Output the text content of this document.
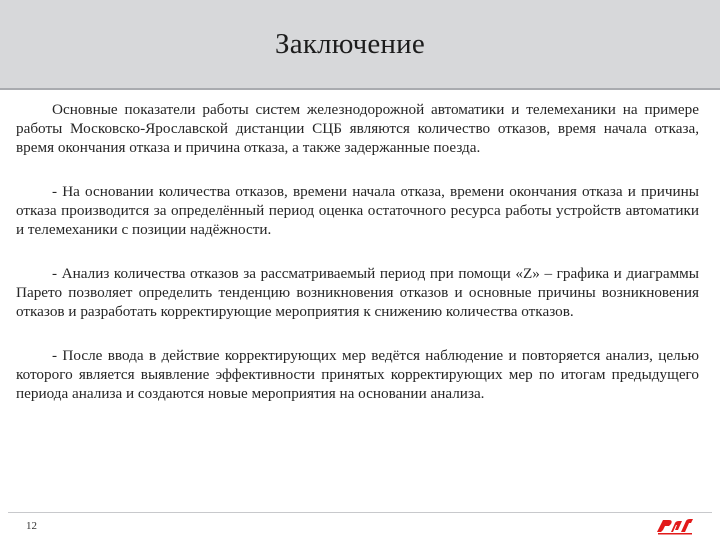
Заключение

Основные показатели работы систем железнодорожной автоматики и телемеханики на примере работы Московско-Ярославской дистанции СЦБ являются количество отказов, время начала отказа, время окончания отказа и причина отказа, а также задержанные поезда.

- На основании количества отказов, времени начала отказа, времени окончания отказа и причины отказа производится за определённый период оценка остаточного ресурса работы устройств автоматики и телемеханики с позиции надёжности.

- Анализ количества отказов за рассматриваемый период при помощи «Z» – графика и диаграммы Парето позволяет определить тенденцию возникновения отказов и основные причины возникновения отказов и разработать корректирующие мероприятия к снижению количества отказов.

- После ввода в действие корректирующих мер ведётся наблюдение и повторяется анализ, целью которого является выявление эффективности принятых корректирующих мер по итогам предыдущего периода анализа и создаются новые мероприятия на основании анализа.

12
